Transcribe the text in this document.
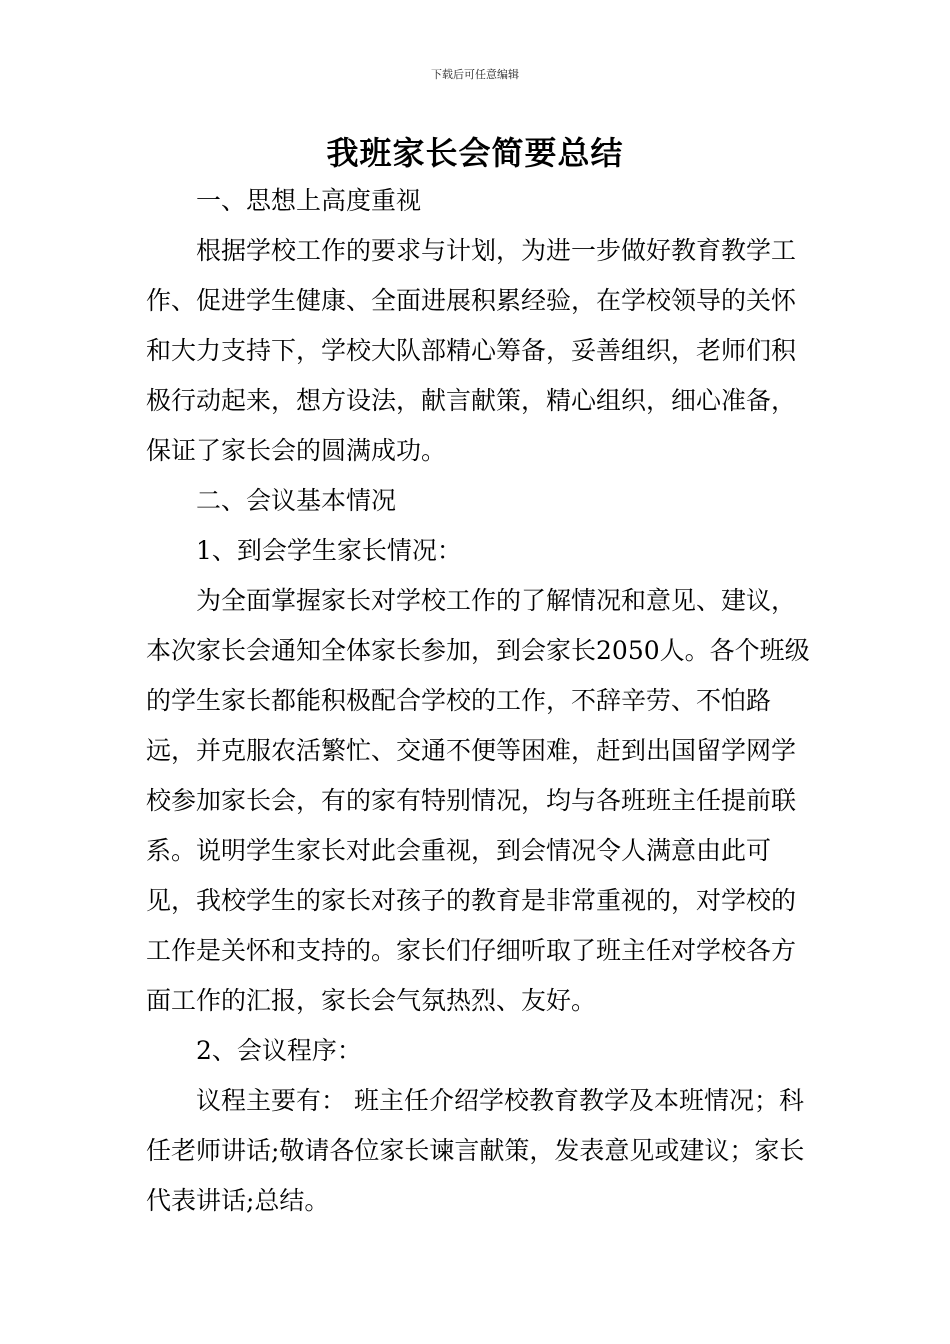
下载后可任意编辑
我班家长会简要总结

一、思想上高度重视

根据学校工作的要求与计划，为进一步做好教育教学工作、促进学生健康、全面进展积累经验，在学校领导的关怀和大力支持下，学校大队部精心筹备，妥善组织，老师们积极行动起来，想方设法，献言献策，精心组织，细心准备，保证了家长会的圆满成功。

二、会议基本情况

1、到会学生家长情况：

为全面掌握家长对学校工作的了解情况和意见、建议，本次家长会通知全体家长参加，到会家长2050人。各个班级的学生家长都能积极配合学校的工作，不辞辛劳、不怕路远，并克服农活繁忙、交通不便等困难，赶到出国留学网学校参加家长会，有的家有特别情况，均与各班班主任提前联系。说明学生家长对此会重视，到会情况令人满意由此可见，我校学生的家长对孩子的教育是非常重视的，对学校的工作是关怀和支持的。家长们仔细听取了班主任对学校各方面工作的汇报，家长会气氛热烈、友好。

2、会议程序：

议程主要有： 班主任介绍学校教育教学及本班情况；科任老师讲话;敬请各位家长谏言献策，发表意见或建议；家长代表讲话;总结。
